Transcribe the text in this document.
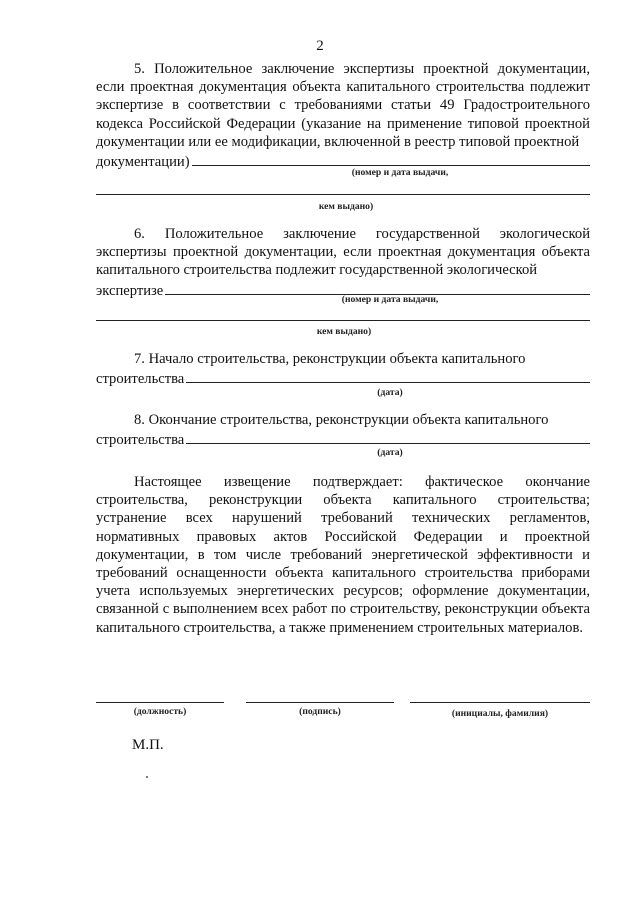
2
5. Положительное заключение экспертизы проектной документации, если проектная документация объекта капитального строительства подлежит экспертизе в соответствии с требованиями статьи 49 Градостроительного кодекса Российской Федерации (указание на применение типовой проектной документации или ее модификации, включенной в реестр типовой проектной
документации)
(номер и дата выдачи,
кем выдано)
6. Положительное заключение государственной экологической экспертизы проектной документации, если проектная документация объекта капитального строительства подлежит государственной экологической
экспертизе
(номер и дата выдачи,
кем выдано)
7. Начало строительства, реконструкции объекта капитального
строительства
(дата)
8. Окончание строительства, реконструкции объекта капитального
строительства
(дата)
Настоящее извещение подтверждает: фактическое окончание строительства, реконструкции объекта капитального строительства; устранение всех нарушений требований технических регламентов, нормативных правовых актов Российской Федерации и проектной документации, в том числе требований энергетической эффективности и требований оснащенности объекта капитального строительства приборами учета используемых энергетических ресурсов; оформление документации, связанной с выполнением всех работ по строительству, реконструкции объекта капитального строительства, а также применением строительных материалов.
(должность)	(подпись)	(инициалы, фамилия)
М.П.
